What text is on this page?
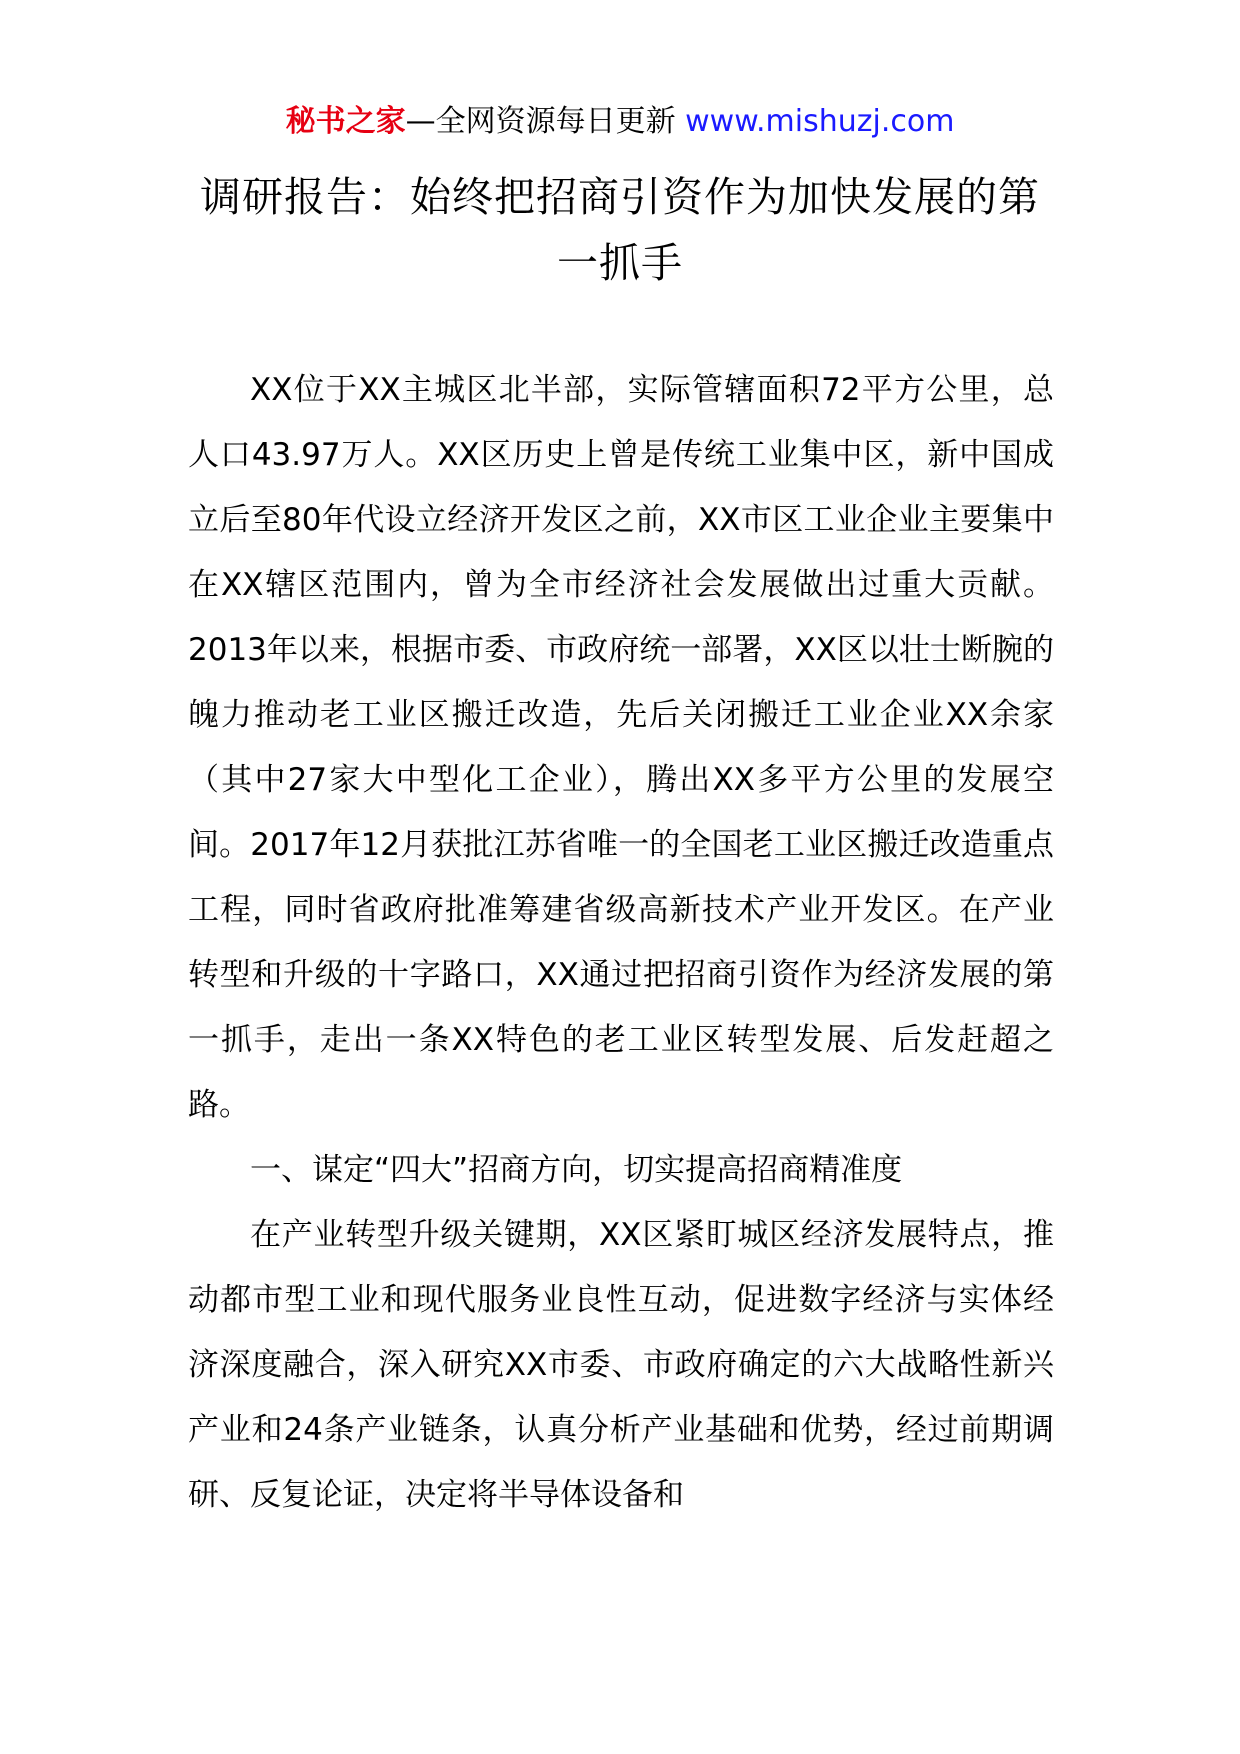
秘书之家—全网资源每日更新 www.mishuzj.com
调研报告：始终把招商引资作为加快发展的第一抓手

XX位于XX主城区北半部，实际管辖面积72平方公里，总人口43.97万人。XX区历史上曾是传统工业集中区，新中国成立后至80年代设立经济开发区之前，XX市区工业企业主要集中在XX辖区范围内，曾为全市经济社会发展做出过重大贡献。2013年以来，根据市委、市政府统一部署，XX区以壮士断腕的魄力推动老工业区搬迁改造，先后关闭搬迁工业企业XX余家（其中27家大中型化工企业），腾出XX多平方公里的发展空间。2017年12月获批江苏省唯一的全国老工业区搬迁改造重点工程，同时省政府批准筹建省级高新技术产业开发区。在产业转型和升级的十字路口，XX通过把招商引资作为经济发展的第一抓手，走出一条XX特色的老工业区转型发展、后发赶超之路。

一、谋定“四大”招商方向，切实提高招商精准度

在产业转型升级关键期，XX区紧盯城区经济发展特点，推动都市型工业和现代服务业良性互动，促进数字经济与实体经济深度融合，深入研究XX市委、市政府确定的六大战略性新兴产业和24条产业链条，认真分析产业基础和优势，经过前期调研、反复论证，决定将半导体设备和
